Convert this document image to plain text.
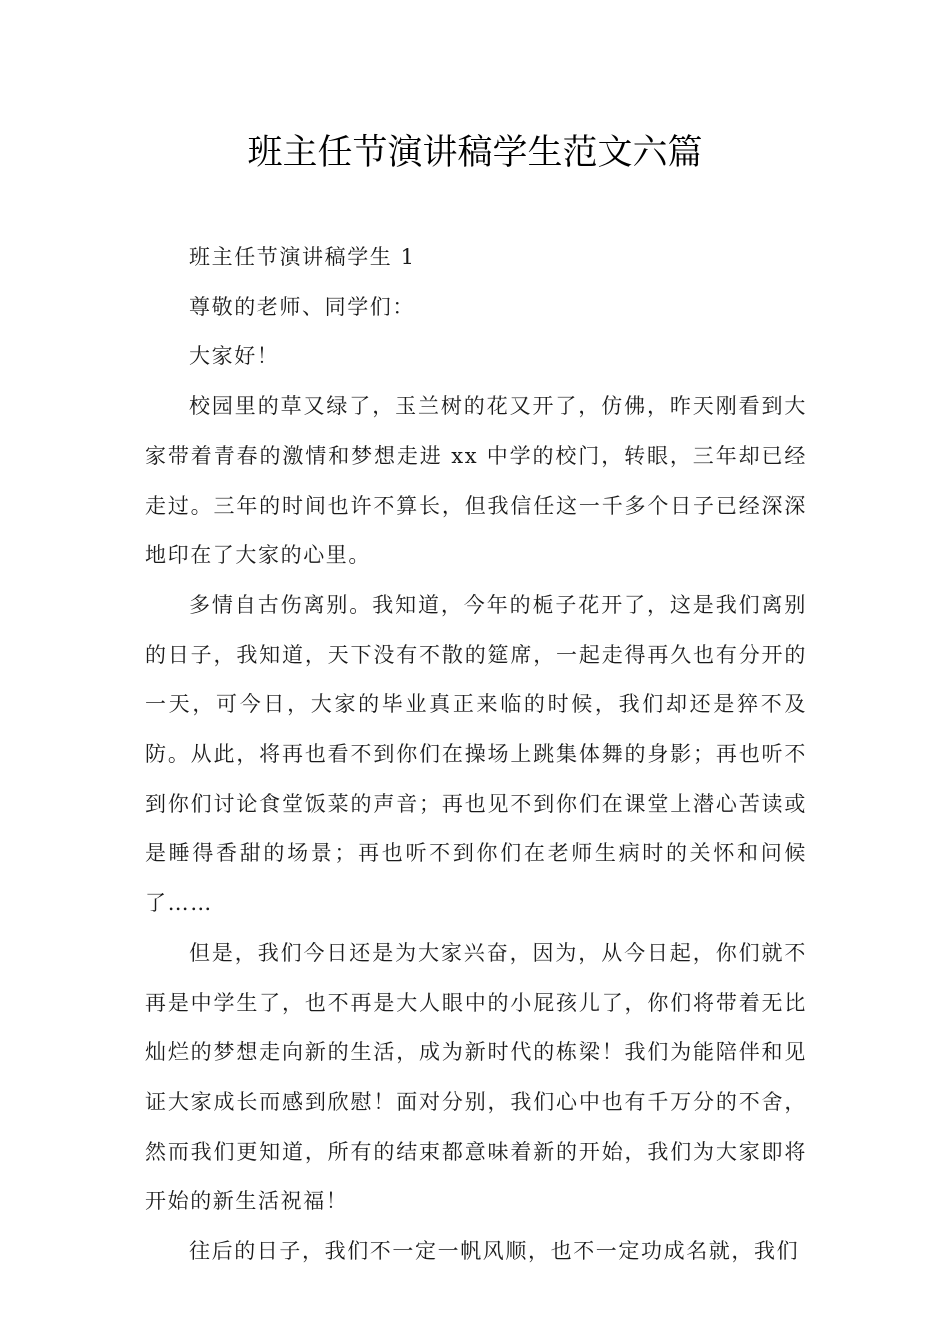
班主任节演讲稿学生范文六篇

班主任节演讲稿学生 1

尊敬的老师、同学们：

大家好！

校园里的草又绿了，玉兰树的花又开了，仿佛，昨天刚看到大家带着青春的激情和梦想走进 xx 中学的校门，转眼，三年却已经走过。三年的时间也许不算长，但我信任这一千多个日子已经深深地印在了大家的心里。

多情自古伤离别。我知道，今年的栀子花开了，这是我们离别的日子，我知道，天下没有不散的筵席，一起走得再久也有分开的一天，可今日，大家的毕业真正来临的时候，我们却还是猝不及防。从此，将再也看不到你们在操场上跳集体舞的身影；再也听不到你们讨论食堂饭菜的声音；再也见不到你们在课堂上潜心苦读或是睡得香甜的场景；再也听不到你们在老师生病时的关怀和问候了……

但是，我们今日还是为大家兴奋，因为，从今日起，你们就不再是中学生了，也不再是大人眼中的小屁孩儿了，你们将带着无比灿烂的梦想走向新的生活，成为新时代的栋梁！我们为能陪伴和见证大家成长而感到欣慰！面对分别，我们心中也有千万分的不舍，然而我们更知道，所有的结束都意味着新的开始，我们为大家即将开始的新生活祝福！

往后的日子，我们不一定一帆风顺，也不一定功成名就，我们
